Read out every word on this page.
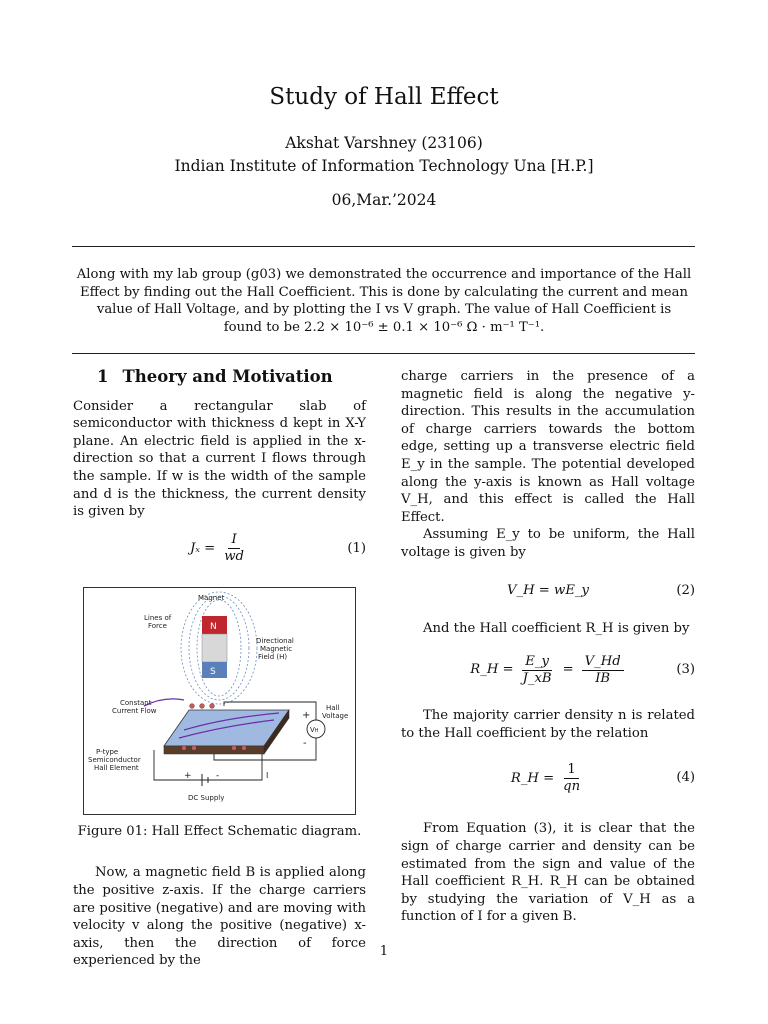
Study of Hall Effect
Akshat Varshney (23106)
Indian Institute of Information Technology Una [H.P.]
06,Mar.’2024
Along with my lab group (g03) we demonstrated the occurrence and importance of the Hall Effect by finding out the Hall Coefficient. This is done by calculating the current and mean value of Hall Voltage, and by plotting the I vs V graph. The value of Hall Coefficient is found to be 2.2 × 10⁻⁶ ± 0.1 × 10⁻⁶ Ω · m⁻¹ T⁻¹.
1 Theory and Motivation

Consider a rectangular slab of semiconductor with thickness d kept in X-Y plane. An electric field is applied in the x-direction so that a current I flows through the sample. If w is the width of the sample and d is the thickness, the current density is given by

$J_x = \frac{I}{wd}$	(1)
N
S
Magnet
Lines of
Force
Directional
Magnetic
Field (H)
VH
+
-
Hall
Voltage
Constant
Current Flow
P-type
Semiconductor
Hall Element
+	-	I
DC Supply
Figure 01: Hall Effect Schematic diagram.

Now, a magnetic field B is applied along the positive z-axis. If the charge carriers are positive (negative) and are moving with velocity v along the positive (negative) x-axis, then the direction of force experienced by the

charge carriers in the presence of a magnetic field is along the negative y-direction. This results in the accumulation of charge carriers towards the bottom edge, setting up a transverse electric field E_y in the sample. The potential developed along the y-axis is known as Hall voltage V_H, and this effect is called the Hall Effect.

Assuming E_y to be uniform, the Hall voltage is given by

V_H = wE_y	(2)

And the Hall coefficient R_H is given by

R_H = $\frac{E\_y}{J\_xB} = \frac{V\_Hd}{IB}$	(3)

The majority carrier density n is related to the Hall coefficient by the relation

R_H = $\frac{1}{qn}$	(4)

From Equation (3), it is clear that the sign of charge carrier and density can be estimated from the sign and value of the Hall coefficient R_H. R_H can be obtained by studying the variation of V_H as a function of I for a given B.

1
